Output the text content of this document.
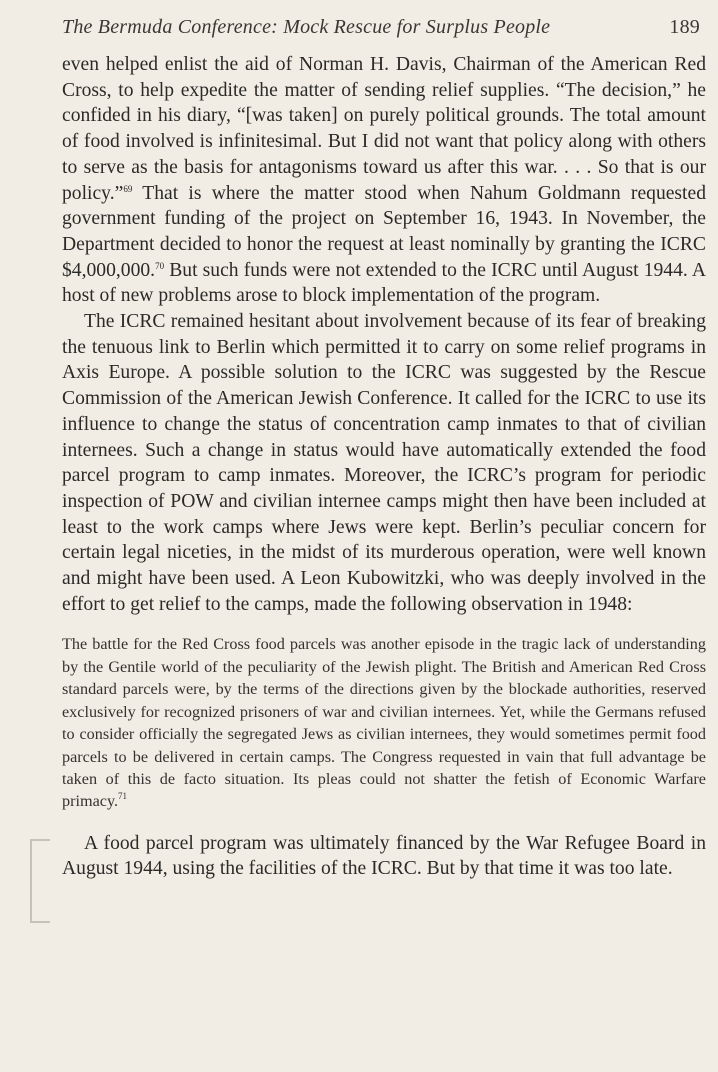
The Bermuda Conference: Mock Rescue for Surplus People	189

even helped enlist the aid of Norman H. Davis, Chairman of the American Red Cross, to help expedite the matter of sending relief supplies. “The decision,” he confided in his diary, “[was taken] on purely political grounds. The total amount of food involved is infinitesimal. But I did not want that policy along with others to serve as the basis for antagonisms toward us after this war. . . . So that is our policy.”$^{69}$ That is where the matter stood when Nahum Goldmann requested government funding of the project on September 16, 1943. In November, the Department decided to honor the request at least nominally by granting the ICRC $4,000,000.70 But such funds were not extended to the ICRC until August 1944. A host of new problems arose to block implementation of the program.

The ICRC remained hesitant about involvement because of its fear of breaking the tenuous link to Berlin which permitted it to carry on some relief programs in Axis Europe. A possible solution to the ICRC was suggested by the Rescue Commission of the American Jewish Conference. It called for the ICRC to use its influence to change the status of concentration camp inmates to that of civilian internees. Such a change in status would have automatically extended the food parcel program to camp inmates. Moreover, the ICRC’s program for periodic inspection of POW and civilian internee camps might then have been included at least to the work camps where Jews were kept. Berlin’s peculiar concern for certain legal niceties, in the midst of its murderous operation, were well known and might have been used. A Leon Kubowitzki, who was deeply involved in the effort to get relief to the camps, made the following observation in 1948:

The battle for the Red Cross food parcels was another episode in the tragic lack of understanding by the Gentile world of the peculiarity of the Jewish plight. The British and American Red Cross standard parcels were, by the terms of the directions given by the blockade authorities, reserved exclusively for recognized prisoners of war and civilian internees. Yet, while the Germans refused to consider officially the segregated Jews as civilian internees, they would sometimes permit food parcels to be delivered in certain camps. The Congress requested in vain that full advantage be taken of this de facto situation. Its pleas could not shatter the fetish of Economic Warfare primacy.$^{71}$

A food parcel program was ultimately financed by the War Refugee Board in August 1944, using the facilities of the ICRC. But by that time it was too late.
